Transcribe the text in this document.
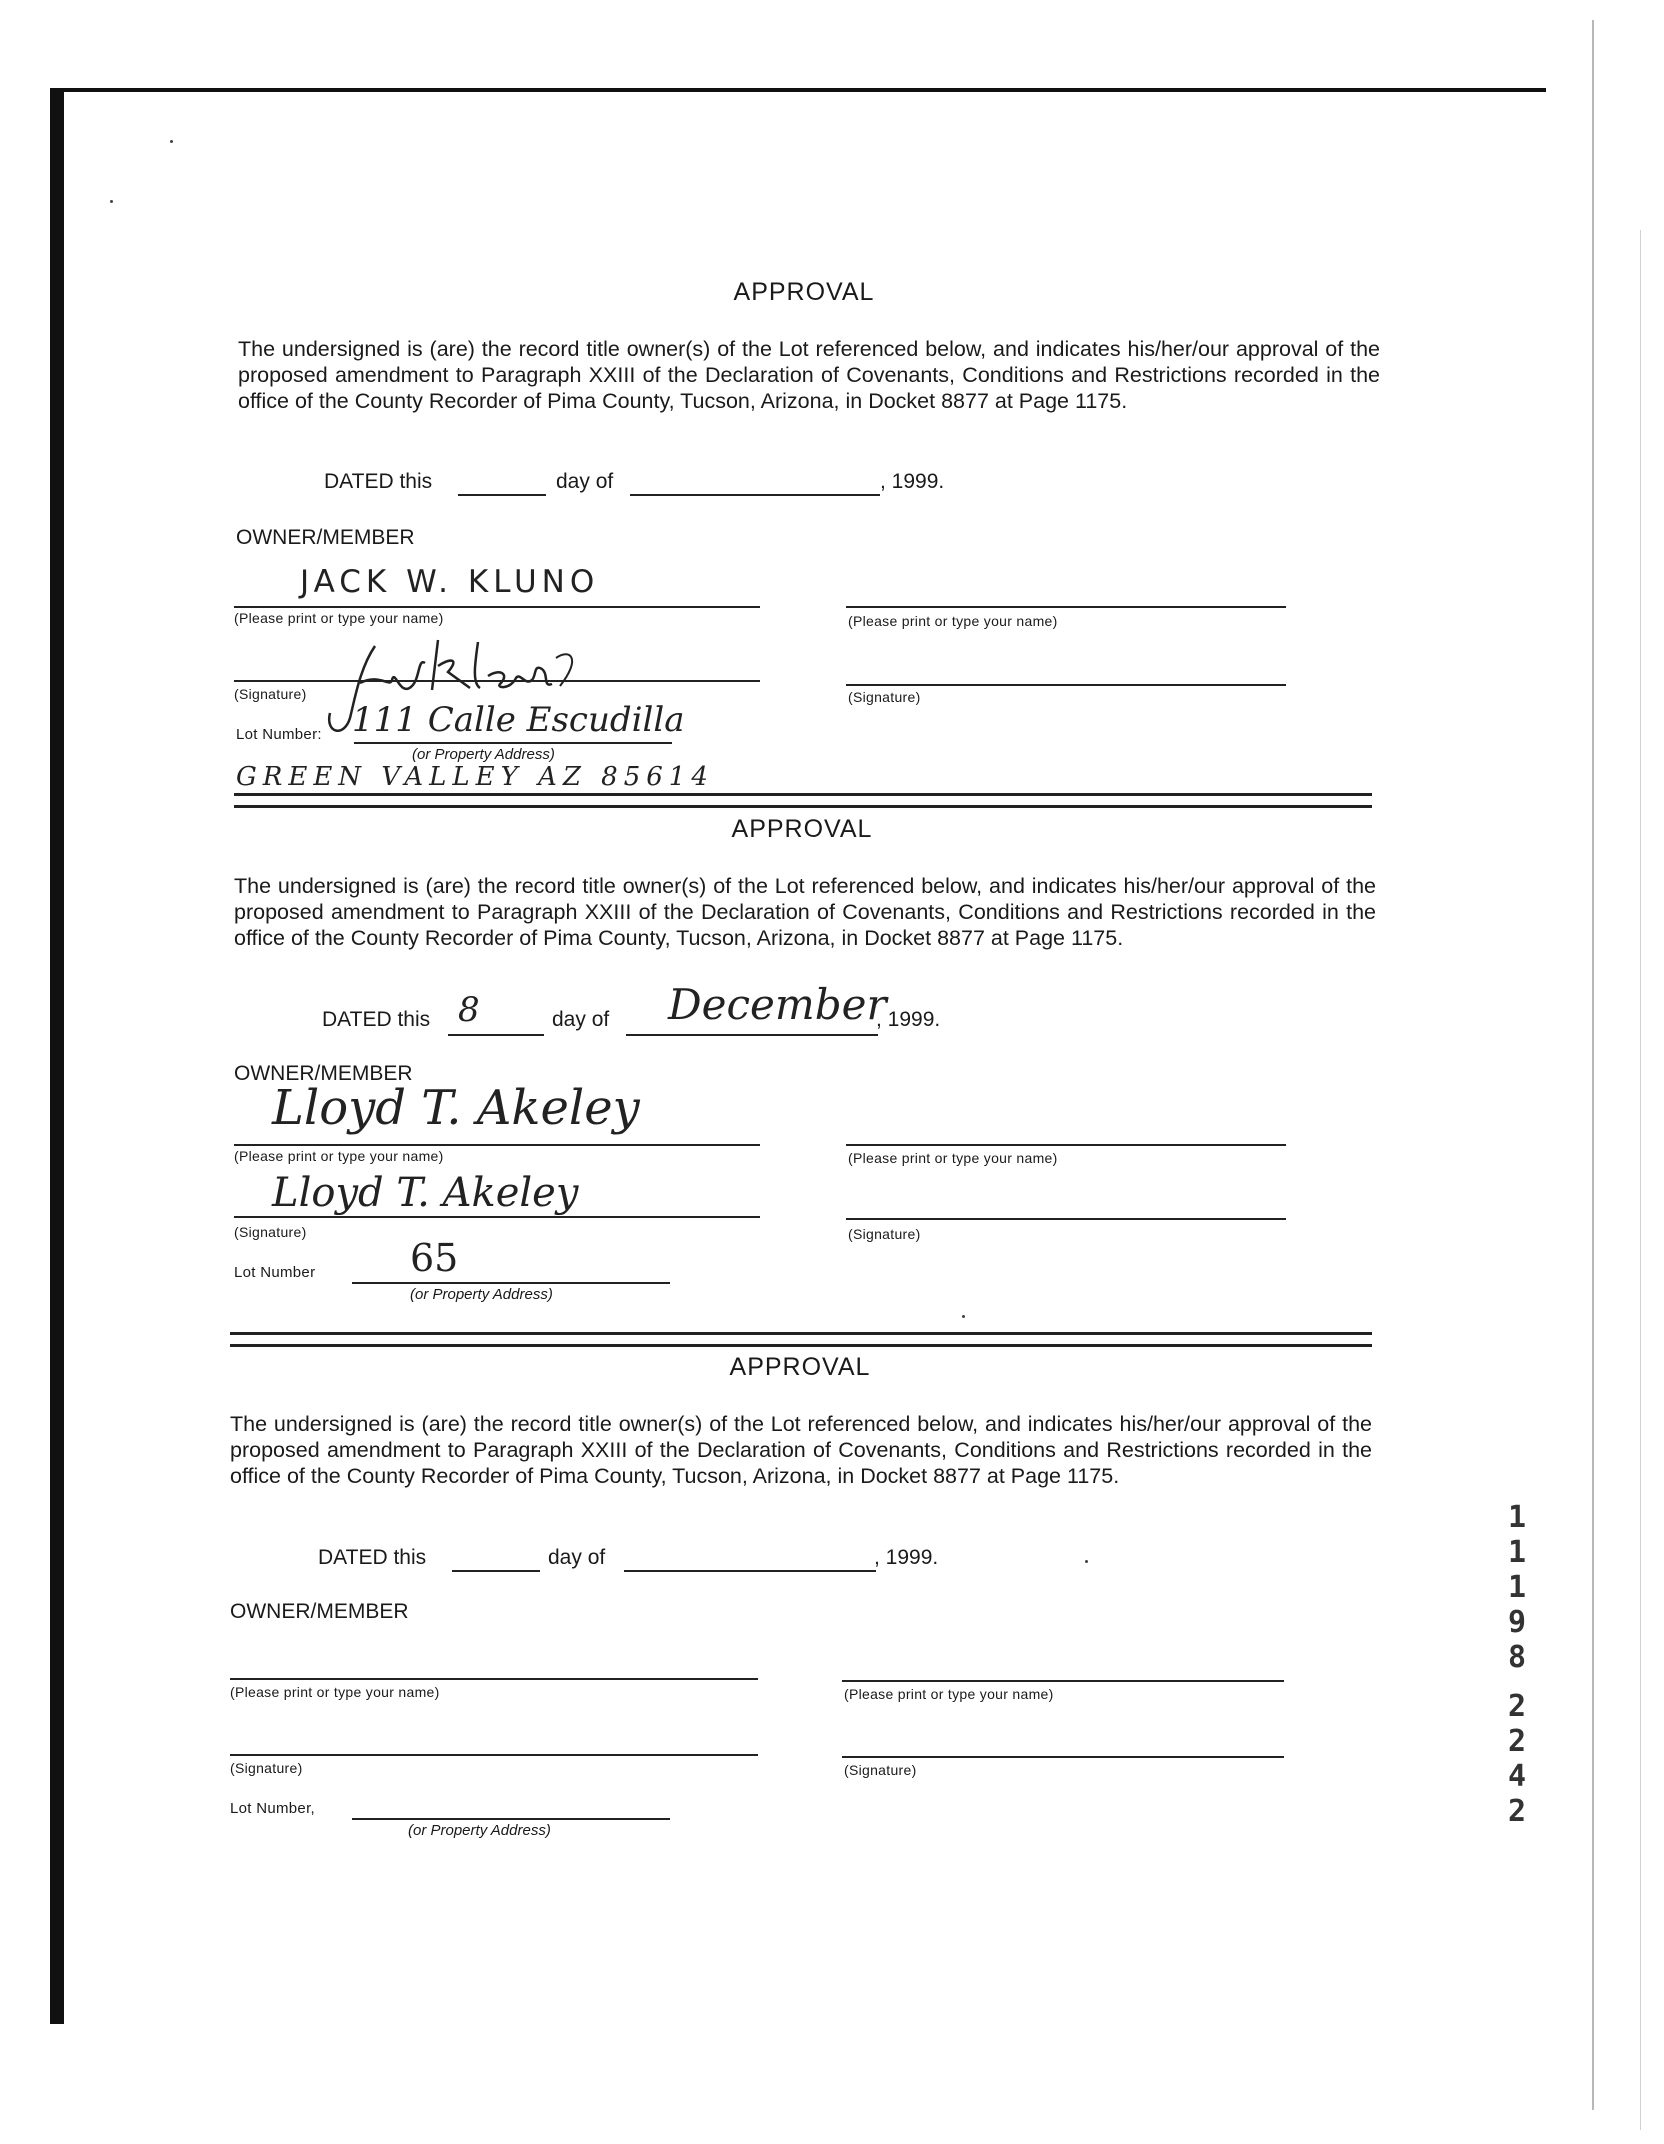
APPROVAL
The undersigned is (are) the record title owner(s) of the Lot referenced below, and indicates his/her/our approval of the proposed amendment to Paragraph XXIII of the Declaration of Covenants, Conditions and Restrictions recorded in the office of the County Recorder of Pima County, Tucson, Arizona, in Docket 8877 at Page 1175.
DATED this	day of	, 1999.
OWNER/MEMBER
JACK W. KLUNO
(Please print or type your name)	(Please print or type your name)
(Signature)	(Signature)
Lot Number: 111 Calle Escudilla
(or Property Address)
GREEN VALLEY AZ 85614
APPROVAL
The undersigned is (are) the record title owner(s) of the Lot referenced below, and indicates his/her/our approval of the proposed amendment to Paragraph XXIII of the Declaration of Covenants, Conditions and Restrictions recorded in the office of the County Recorder of Pima County, Tucson, Arizona, in Docket 8877 at Page 1175.
DATED this 8	day of December
, 1999.
OWNER/MEMBER
Lloyd T. Akeley
(Please print or type your name)	(Please print or type your name)
Lloyd T. Akeley
(Signature)	(Signature)
Lot Number 65
(or Property Address)
APPROVAL
The undersigned is (are) the record title owner(s) of the Lot referenced below, and indicates his/her/our approval of the proposed amendment to Paragraph XXIII of the Declaration of Covenants, Conditions and Restrictions recorded in the office of the County Recorder of Pima County, Tucson, Arizona, in Docket 8877 at Page 1175.
DATED this	day of	, 1999.
OWNER/MEMBER
(Please print or type your name)	(Please print or type your name)
(Signature)	(Signature)
Lot Number,
(or Property Address)
1
1
1
9
8
2
2
4
2
